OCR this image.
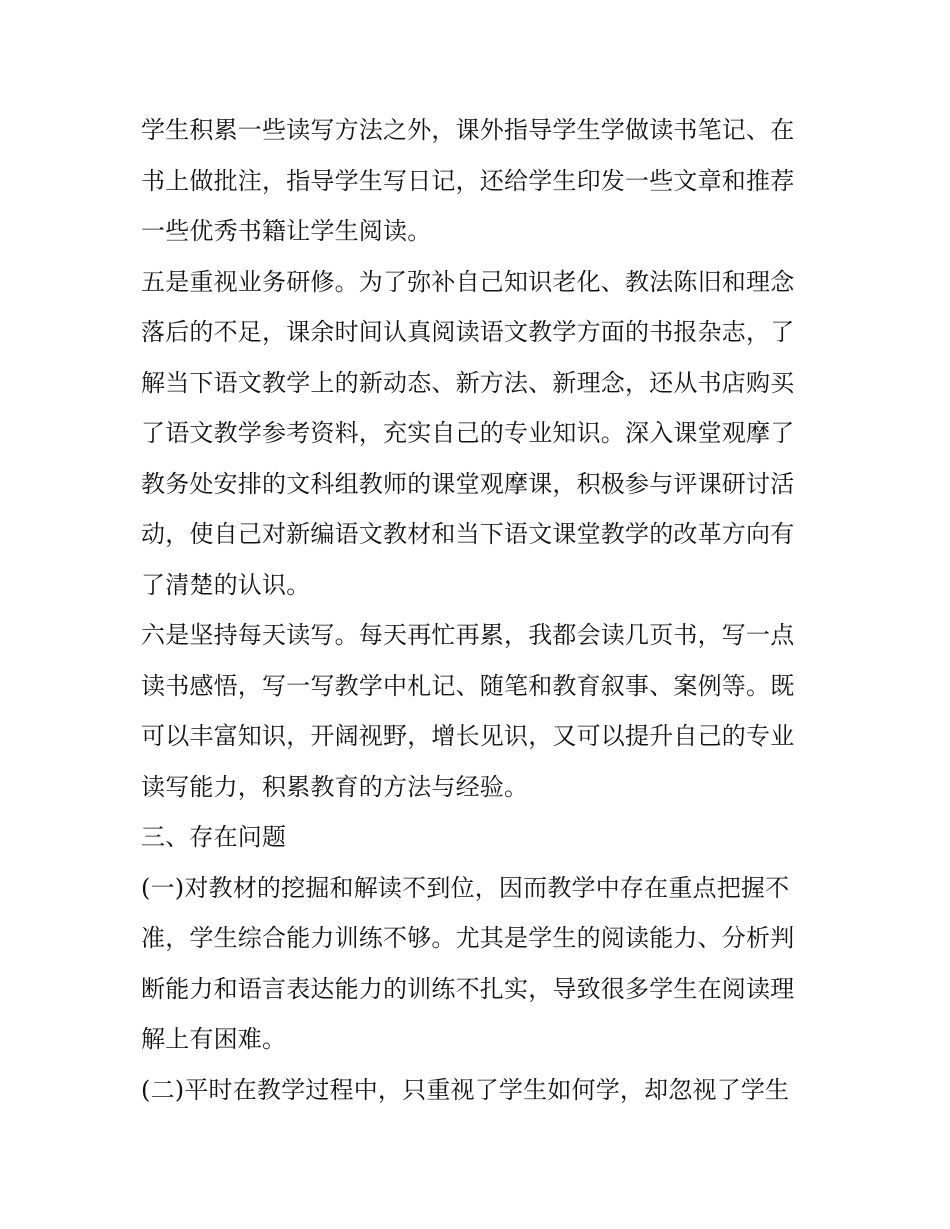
学生积累一些读写方法之外，课外指导学生学做读书笔记、在
书上做批注，指导学生写日记，还给学生印发一些文章和推荐
一些优秀书籍让学生阅读。
五是重视业务研修。为了弥补自己知识老化、教法陈旧和理念
落后的不足，课余时间认真阅读语文教学方面的书报杂志，了
解当下语文教学上的新动态、新方法、新理念，还从书店购买
了语文教学参考资料，充实自己的专业知识。深入课堂观摩了
教务处安排的文科组教师的课堂观摩课，积极参与评课研讨活
动，使自己对新编语文教材和当下语文课堂教学的改革方向有
了清楚的认识。
六是坚持每天读写。每天再忙再累，我都会读几页书，写一点
读书感悟，写一写教学中札记、随笔和教育叙事、案例等。既
可以丰富知识，开阔视野，增长见识，又可以提升自己的专业
读写能力，积累教育的方法与经验。
三、存在问题
(一)对教材的挖掘和解读不到位，因而教学中存在重点把握不
准，学生综合能力训练不够。尤其是学生的阅读能力、分析判
断能力和语言表达能力的训练不扎实，导致很多学生在阅读理
解上有困难。
(二)平时在教学过程中，只重视了学生如何学，却忽视了学生
